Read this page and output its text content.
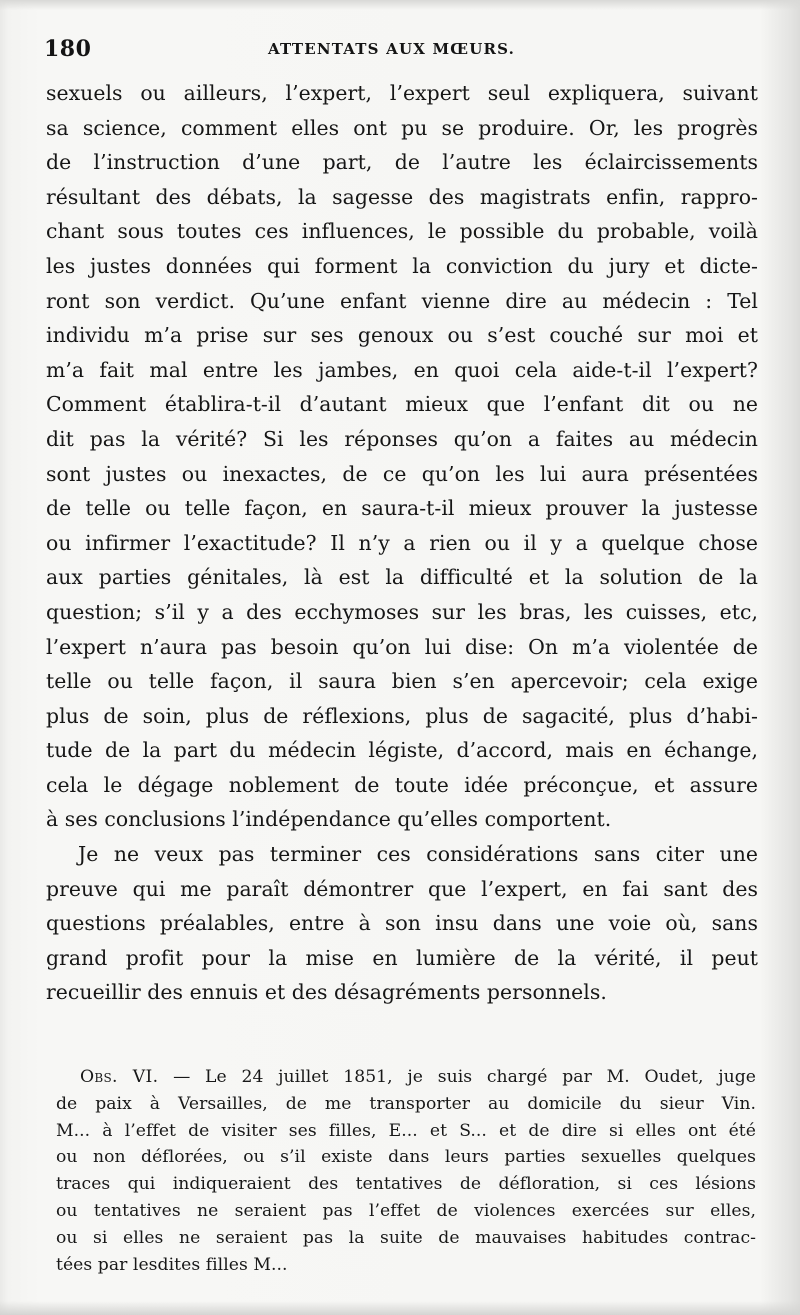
180	ATTENTATS AUX MŒURS.
sexuels ou ailleurs, l’expert, l’expert seul expliquera, suivant
sa science, comment elles ont pu se produire. Or, les progrès
de l’instruction d’une part, de l’autre les éclaircissements
résultant des débats, la sagesse des magistrats enfin, rappro-
chant sous toutes ces influences, le possible du probable, voilà
les justes données qui forment la conviction du jury et dicte-
ront son verdict. Qu’une enfant vienne dire au médecin : Tel
individu m’a prise sur ses genoux ou s’est couché sur moi et
m’a fait mal entre les jambes, en quoi cela aide-t-il l’expert?
Comment établira-t-il d’autant mieux que l’enfant dit ou ne
dit pas la vérité? Si les réponses qu’on a faites au médecin
sont justes ou inexactes, de ce qu’on les lui aura présentées
de telle ou telle façon, en saura-t-il mieux prouver la justesse
ou infirmer l’exactitude? Il n’y a rien ou il y a quelque chose
aux parties génitales, là est la difficulté et la solution de la
question; s’il y a des ecchymoses sur les bras, les cuisses, etc,
l’expert n’aura pas besoin qu’on lui dise: On m’a violentée de
telle ou telle façon, il saura bien s’en apercevoir; cela exige
plus de soin, plus de réflexions, plus de sagacité, plus d’habi-
tude de la part du médecin légiste, d’accord, mais en échange,
cela le dégage noblement de toute idée préconçue, et assure
à ses conclusions l’indépendance qu’elles comportent.
Je ne veux pas terminer ces considérations sans citer une
preuve qui me paraît démontrer que l’expert, en fai sant des
questions préalables, entre à son insu dans une voie où, sans
grand profit pour la mise en lumière de la vérité, il peut
recueillir des ennuis et des désagréments personnels.
Obs. VI. — Le 24 juillet 1851, je suis chargé par M. Oudet, juge
de paix à Versailles, de me transporter au domicile du sieur Vin.
M... à l’effet de visiter ses filles, E... et S... et de dire si elles ont été
ou non déflorées, ou s’il existe dans leurs parties sexuelles quelques
traces qui indiqueraient des tentatives de défloration, si ces lésions
ou tentatives ne seraient pas l’effet de violences exercées sur elles,
ou si elles ne seraient pas la suite de mauvaises habitudes contrac-
tées par lesdites filles M...
